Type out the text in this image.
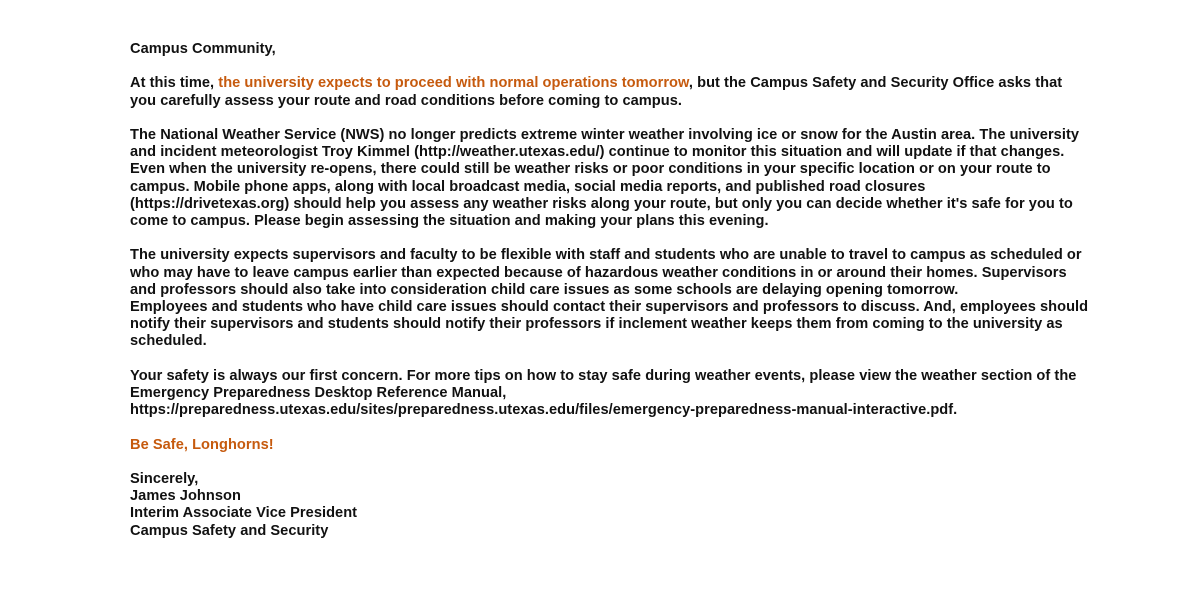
Campus Community,

At this time, the university expects to proceed with normal operations tomorrow, but the Campus Safety and Security Office asks that
you carefully assess your route and road conditions before coming to campus.

The National Weather Service (NWS) no longer predicts extreme winter weather involving ice or snow for the Austin area. The university
and incident meteorologist Troy Kimmel (http://weather.utexas.edu/) continue to monitor this situation and will update if that changes.
Even when the university re-opens, there could still be weather risks or poor conditions in your specific location or on your route to
campus. Mobile phone apps, along with local broadcast media, social media reports, and published road closures
(https://drivetexas.org) should help you assess any weather risks along your route, but only you can decide whether it's safe for you to
come to campus. Please begin assessing the situation and making your plans this evening.

The university expects supervisors and faculty to be flexible with staff and students who are unable to travel to campus as scheduled or
who may have to leave campus earlier than expected because of hazardous weather conditions in or around their homes. Supervisors
and professors should also take into consideration child care issues as some schools are delaying opening tomorrow.
Employees and students who have child care issues should contact their supervisors and professors to discuss. And, employees should
notify their supervisors and students should notify their professors if inclement weather keeps them from coming to the university as
scheduled.

Your safety is always our first concern. For more tips on how to stay safe during weather events, please view the weather section of the
Emergency Preparedness Desktop Reference Manual,
https://preparedness.utexas.edu/sites/preparedness.utexas.edu/files/emergency-preparedness-manual-interactive.pdf.

Be Safe, Longhorns!

Sincerely,
James Johnson
Interim Associate Vice President
Campus Safety and Security
